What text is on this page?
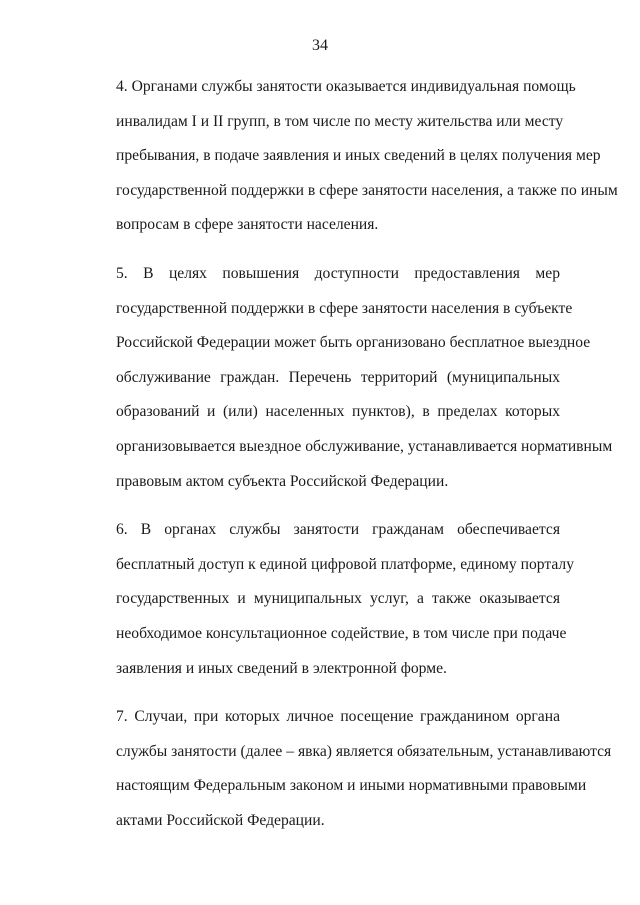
34

4. Органами службы занятости оказывается индивидуальная помощь
инвалидам I и II групп, в том числе по месту жительства или месту
пребывания, в подаче заявления и иных сведений в целях получения мер
государственной поддержки в сфере занятости населения, а также по иным
вопросам в сфере занятости населения.

5. В целях повышения доступности предоставления мер
государственной поддержки в сфере занятости населения в субъекте
Российской Федерации может быть организовано бесплатное выездное
обслуживание граждан. Перечень территорий (муниципальных
образований и (или) населенных пунктов), в пределах которых
организовывается выездное обслуживание, устанавливается нормативным
правовым актом субъекта Российской Федерации.

6. В органах службы занятости гражданам обеспечивается
бесплатный доступ к единой цифровой платформе, единому порталу
государственных и муниципальных услуг, а также оказывается
необходимое консультационное содействие, в том числе при подаче
заявления и иных сведений в электронной форме.

7. Случаи, при которых личное посещение гражданином органа
службы занятости (далее – явка) является обязательным, устанавливаются
настоящим Федеральным законом и иными нормативными правовыми
актами Российской Федерации.
